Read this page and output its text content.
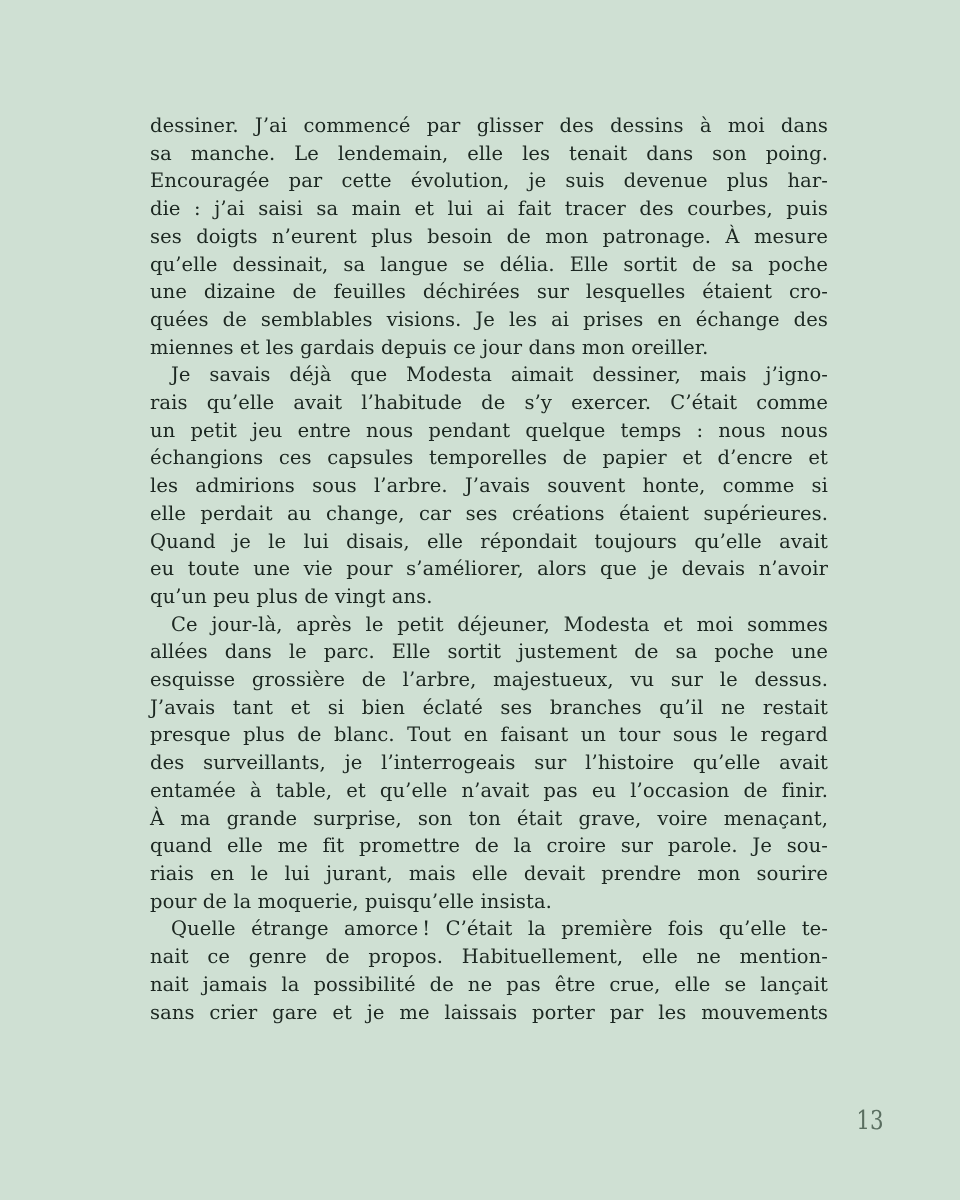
dessiner. J’ai commencé par glisser des dessins à moi dans
sa manche. Le lendemain, elle les tenait dans son poing.
Encouragée par cette évolution, je suis devenue plus har-
die : j’ai saisi sa main et lui ai fait tracer des courbes, puis
ses doigts n’eurent plus besoin de mon patronage. À mesure
qu’elle dessinait, sa langue se délia. Elle sortit de sa poche
une dizaine de feuilles déchirées sur lesquelles étaient cro-
quées de semblables visions. Je les ai prises en échange des
miennes et les gardais depuis ce jour dans mon oreiller.
Je savais déjà que Modesta aimait dessiner, mais j’igno-
rais qu’elle avait l’habitude de s’y exercer. C’était comme
un petit jeu entre nous pendant quelque temps : nous nous
échangions ces capsules temporelles de papier et d’encre et
les admirions sous l’arbre. J’avais souvent honte, comme si
elle perdait au change, car ses créations étaient supérieures.
Quand je le lui disais, elle répondait toujours qu’elle avait
eu toute une vie pour s’améliorer, alors que je devais n’avoir
qu’un peu plus de vingt ans.
Ce jour-là, après le petit déjeuner, Modesta et moi sommes
allées dans le parc. Elle sortit justement de sa poche une
esquisse grossière de l’arbre, majestueux, vu sur le dessus.
J’avais tant et si bien éclaté ses branches qu’il ne restait
presque plus de blanc. Tout en faisant un tour sous le regard
des surveillants, je l’interrogeais sur l’histoire qu’elle avait
entamée à table, et qu’elle n’avait pas eu l’occasion de finir.
À ma grande surprise, son ton était grave, voire menaçant,
quand elle me fit promettre de la croire sur parole. Je sou-
riais en le lui jurant, mais elle devait prendre mon sourire
pour de la moquerie, puisqu’elle insista.
Quelle étrange amorce ! C’était la première fois qu’elle te-
nait ce genre de propos. Habituellement, elle ne mention-
nait jamais la possibilité de ne pas être crue, elle se lançait
sans crier gare et je me laissais porter par les mouvements
13
